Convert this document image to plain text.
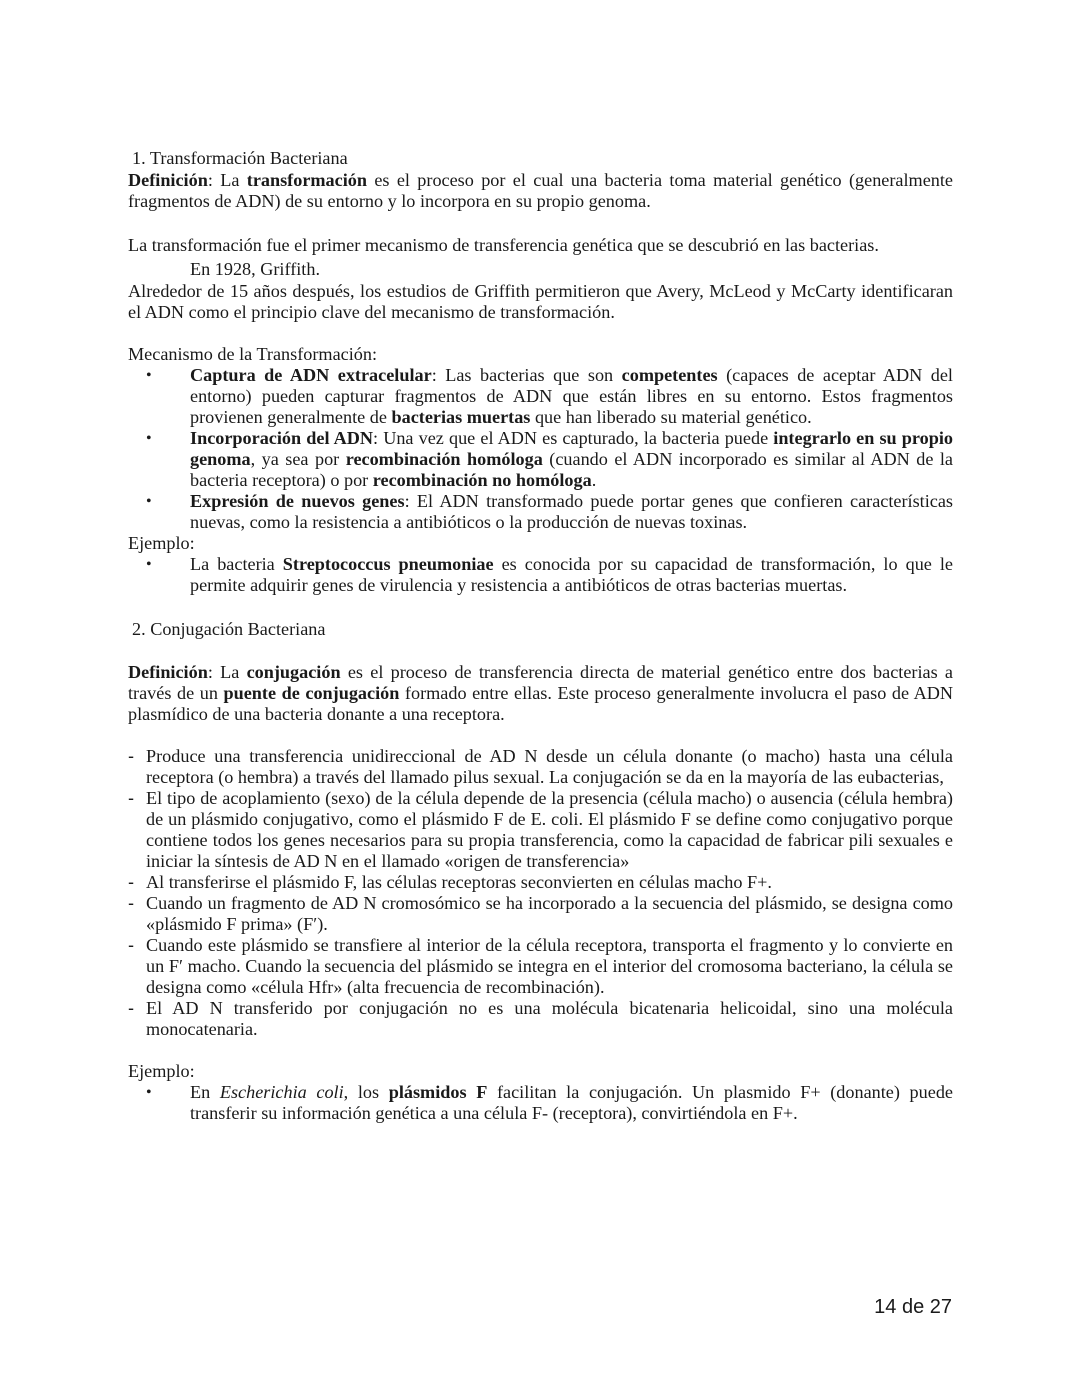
1. Transformación Bacteriana

Definición: La transformación es el proceso por el cual una bacteria toma material genético (generalmente fragmentos de ADN) de su entorno y lo incorpora en su propio genoma.

La transformación fue el primer mecanismo de transferencia genética que se descubrió en las bacterias.

En 1928, Griffith.

Alrededor de 15 años después, los estudios de Griffith permitieron que Avery, McLeod y McCarty identificaran el ADN como el principio clave del mecanismo de transformación.

Mecanismo de la Transformación:

• Captura de ADN extracelular: Las bacterias que son competentes (capaces de aceptar ADN del entorno) pueden capturar fragmentos de ADN que están libres en su entorno. Estos fragmentos provienen generalmente de bacterias muertas que han liberado su material genético.
• Incorporación del ADN: Una vez que el ADN es capturado, la bacteria puede integrarlo en su propio genoma, ya sea por recombinación homóloga (cuando el ADN incorporado es similar al ADN de la bacteria receptora) o por recombinación no homóloga.
• Expresión de nuevos genes: El ADN transformado puede portar genes que confieren características nuevas, como la resistencia a antibióticos o la producción de nuevas toxinas.

Ejemplo:

• La bacteria Streptococcus pneumoniae es conocida por su capacidad de transformación, lo que le permite adquirir genes de virulencia y resistencia a antibióticos de otras bacterias muertas.

2. Conjugación Bacteriana

Definición: La conjugación es el proceso de transferencia directa de material genético entre dos bacterias a través de un puente de conjugación formado entre ellas. Este proceso generalmente involucra el paso de ADN plasmídico de una bacteria donante a una receptora.

- Produce una transferencia unidireccional de AD N desde un célula donante (o macho) hasta una célula receptora (o hembra) a través del llamado pilus sexual. La conjugación se da en la mayoría de las eubacterias,
- El tipo de acoplamiento (sexo) de la célula depende de la presencia (célula macho) o ausencia (célula hembra) de un plásmido conjugativo, como el plásmido F de E. coli. El plásmido F se define como conjugativo porque contiene todos los genes necesarios para su propia transferencia, como la capacidad de fabricar pili sexuales e iniciar la síntesis de AD N en el llamado «origen de transferencia»
- Al transferirse el plásmido F, las células receptoras seconvierten en células macho F+.
- Cuando un fragmento de AD N cromosómico se ha incorporado a la secuencia del plásmido, se designa como «plásmido F prima» (F′).
- Cuando este plásmido se transfiere al interior de la célula receptora, transporta el fragmento y lo convierte en un F′ macho. Cuando la secuencia del plásmido se integra en el interior del cromosoma bacteriano, la célula se designa como «célula Hfr» (alta frecuencia de recombinación).
- El AD N transferido por conjugación no es una molécula bicatenaria helicoidal, sino una molécula monocatenaria.

Ejemplo:

• En Escherichia coli, los plásmidos F facilitan la conjugación. Un plasmido F+ (donante) puede transferir su información genética a una célula F- (receptora), convirtiéndola en F+.
14 de 27
